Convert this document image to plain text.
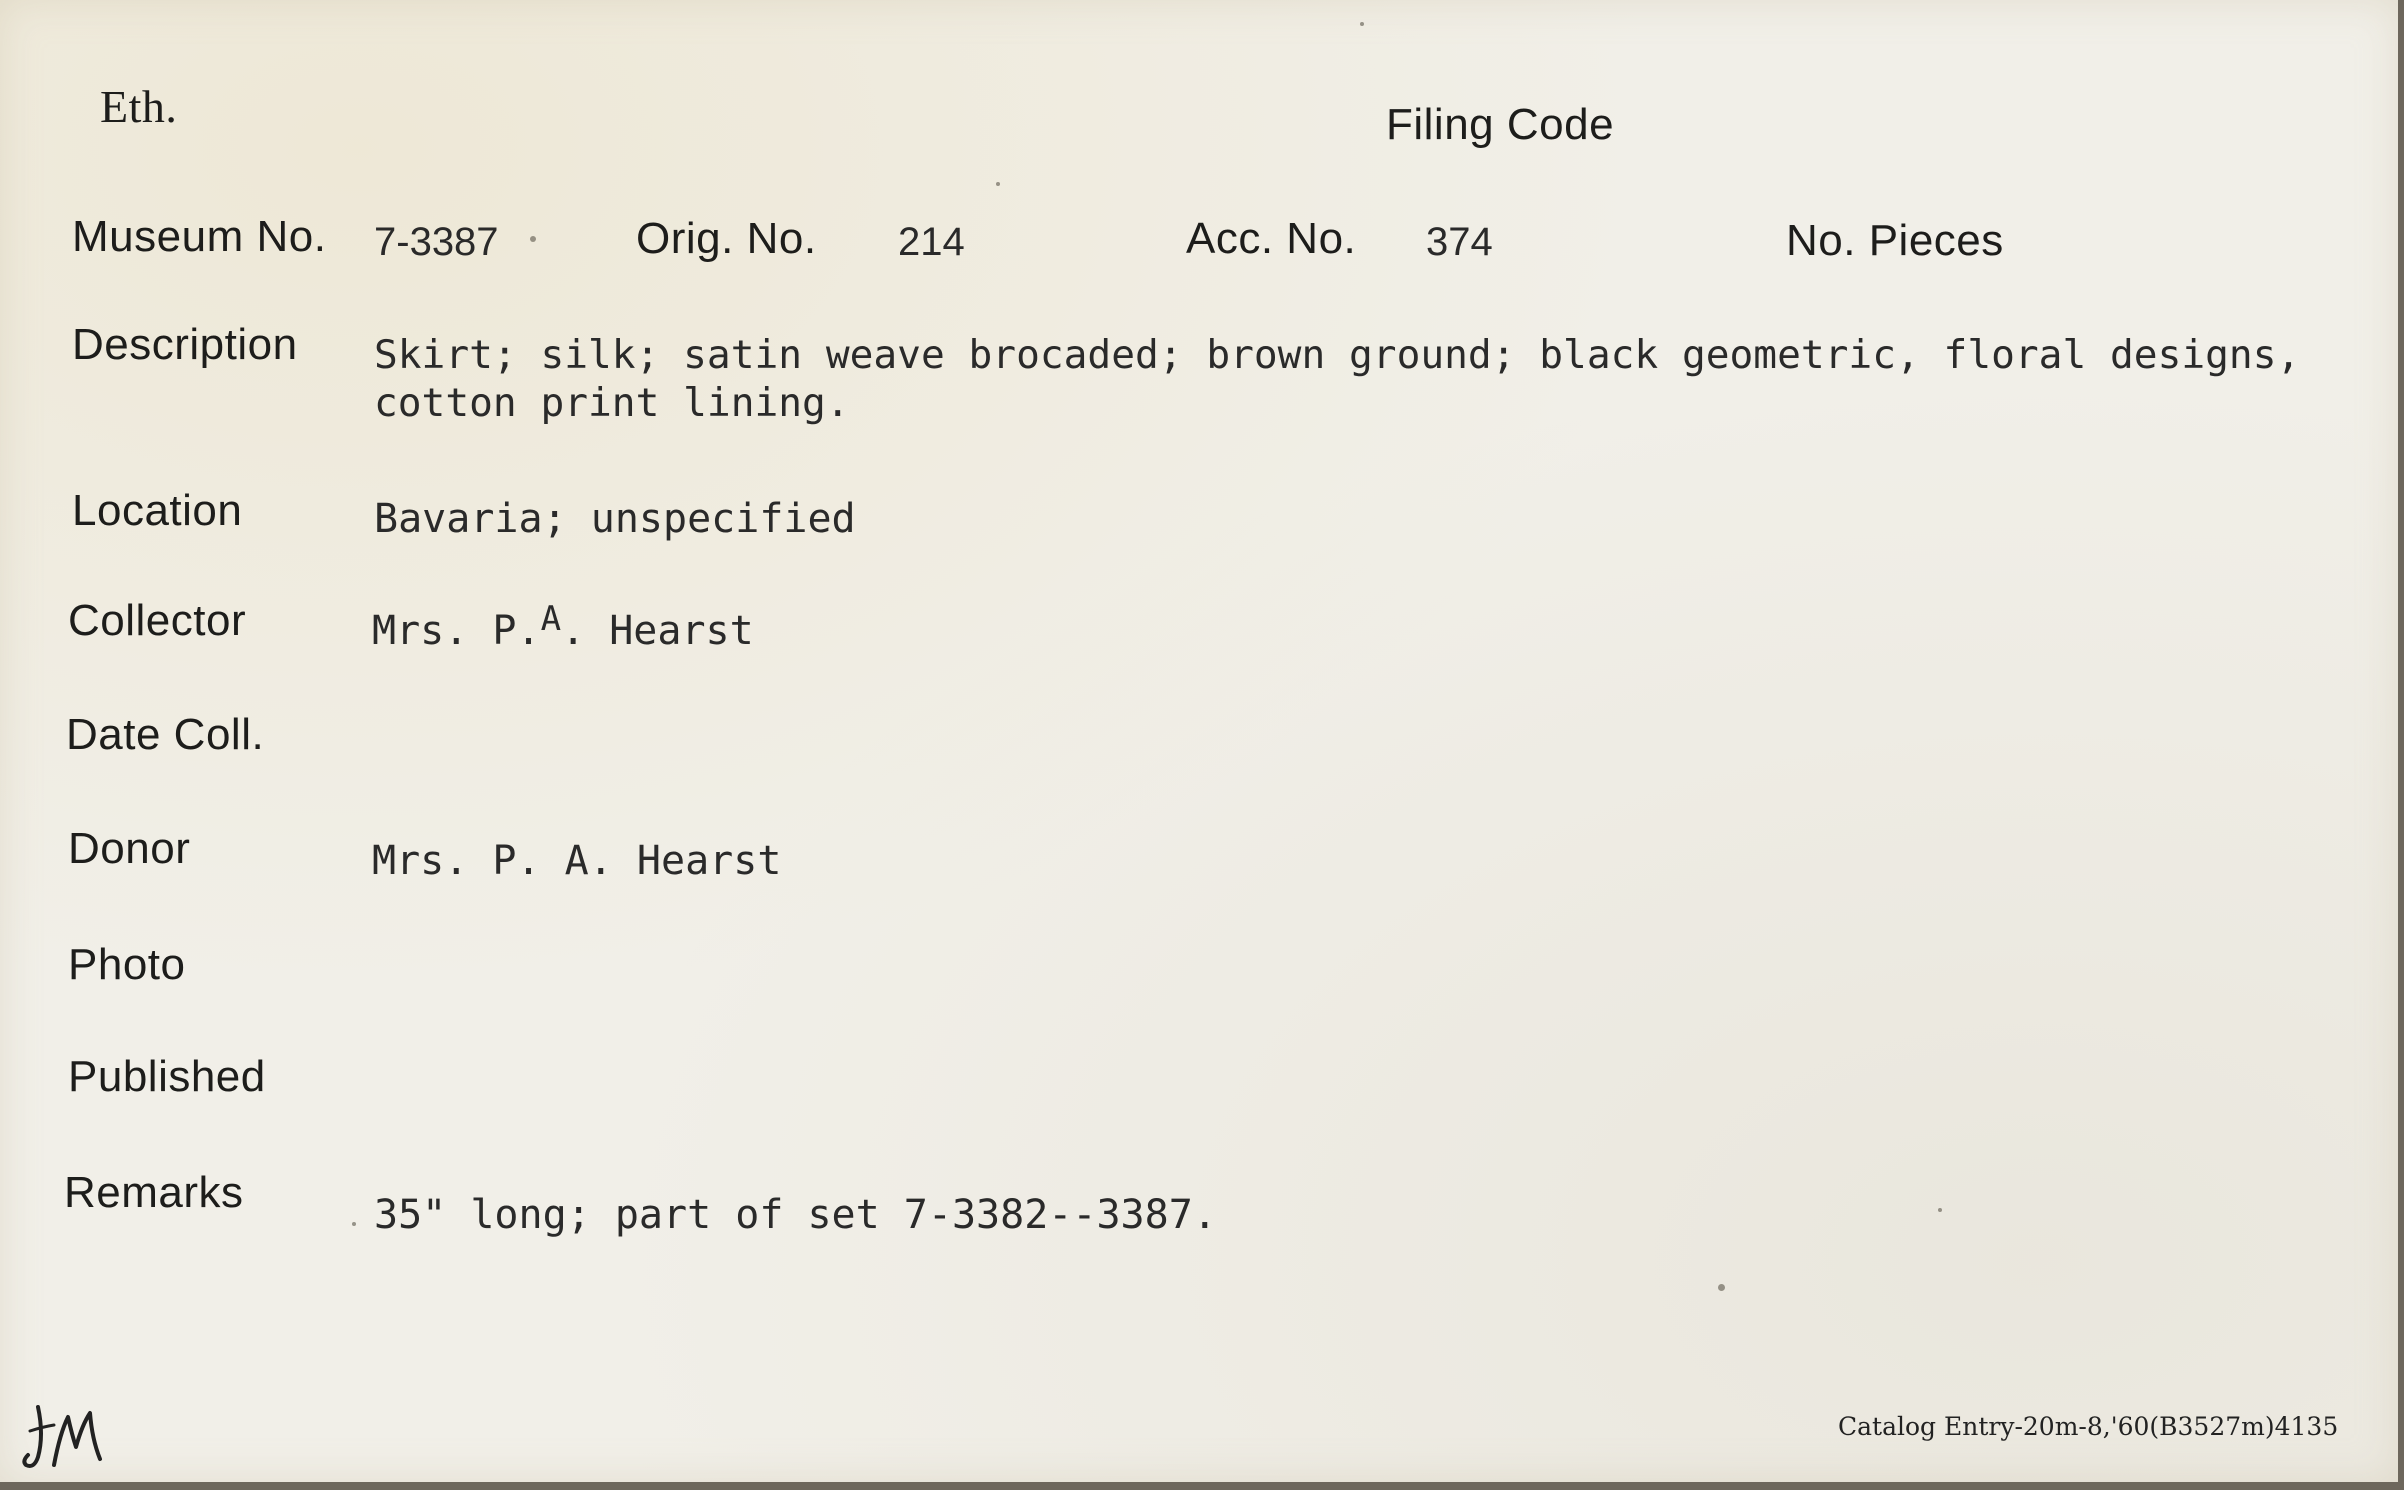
Eth.	Filing Code
Museum No. 7-3387	Orig. No. 214	Acc. No. 374	No. Pieces
Description Skirt; silk; satin weave brocaded; brown ground; black geometric, floral designs,
cotton print lining.
Location	Bavaria; unspecified
Collector	Mrs. P.$^A$. Hearst
Date Coll.
Donor	Mrs. P. A. Hearst
Photo
Published
Remarks	35" long; part of set 7-3382--3387.
Catalog Entry-20m-8,'60(B3527m)4135
